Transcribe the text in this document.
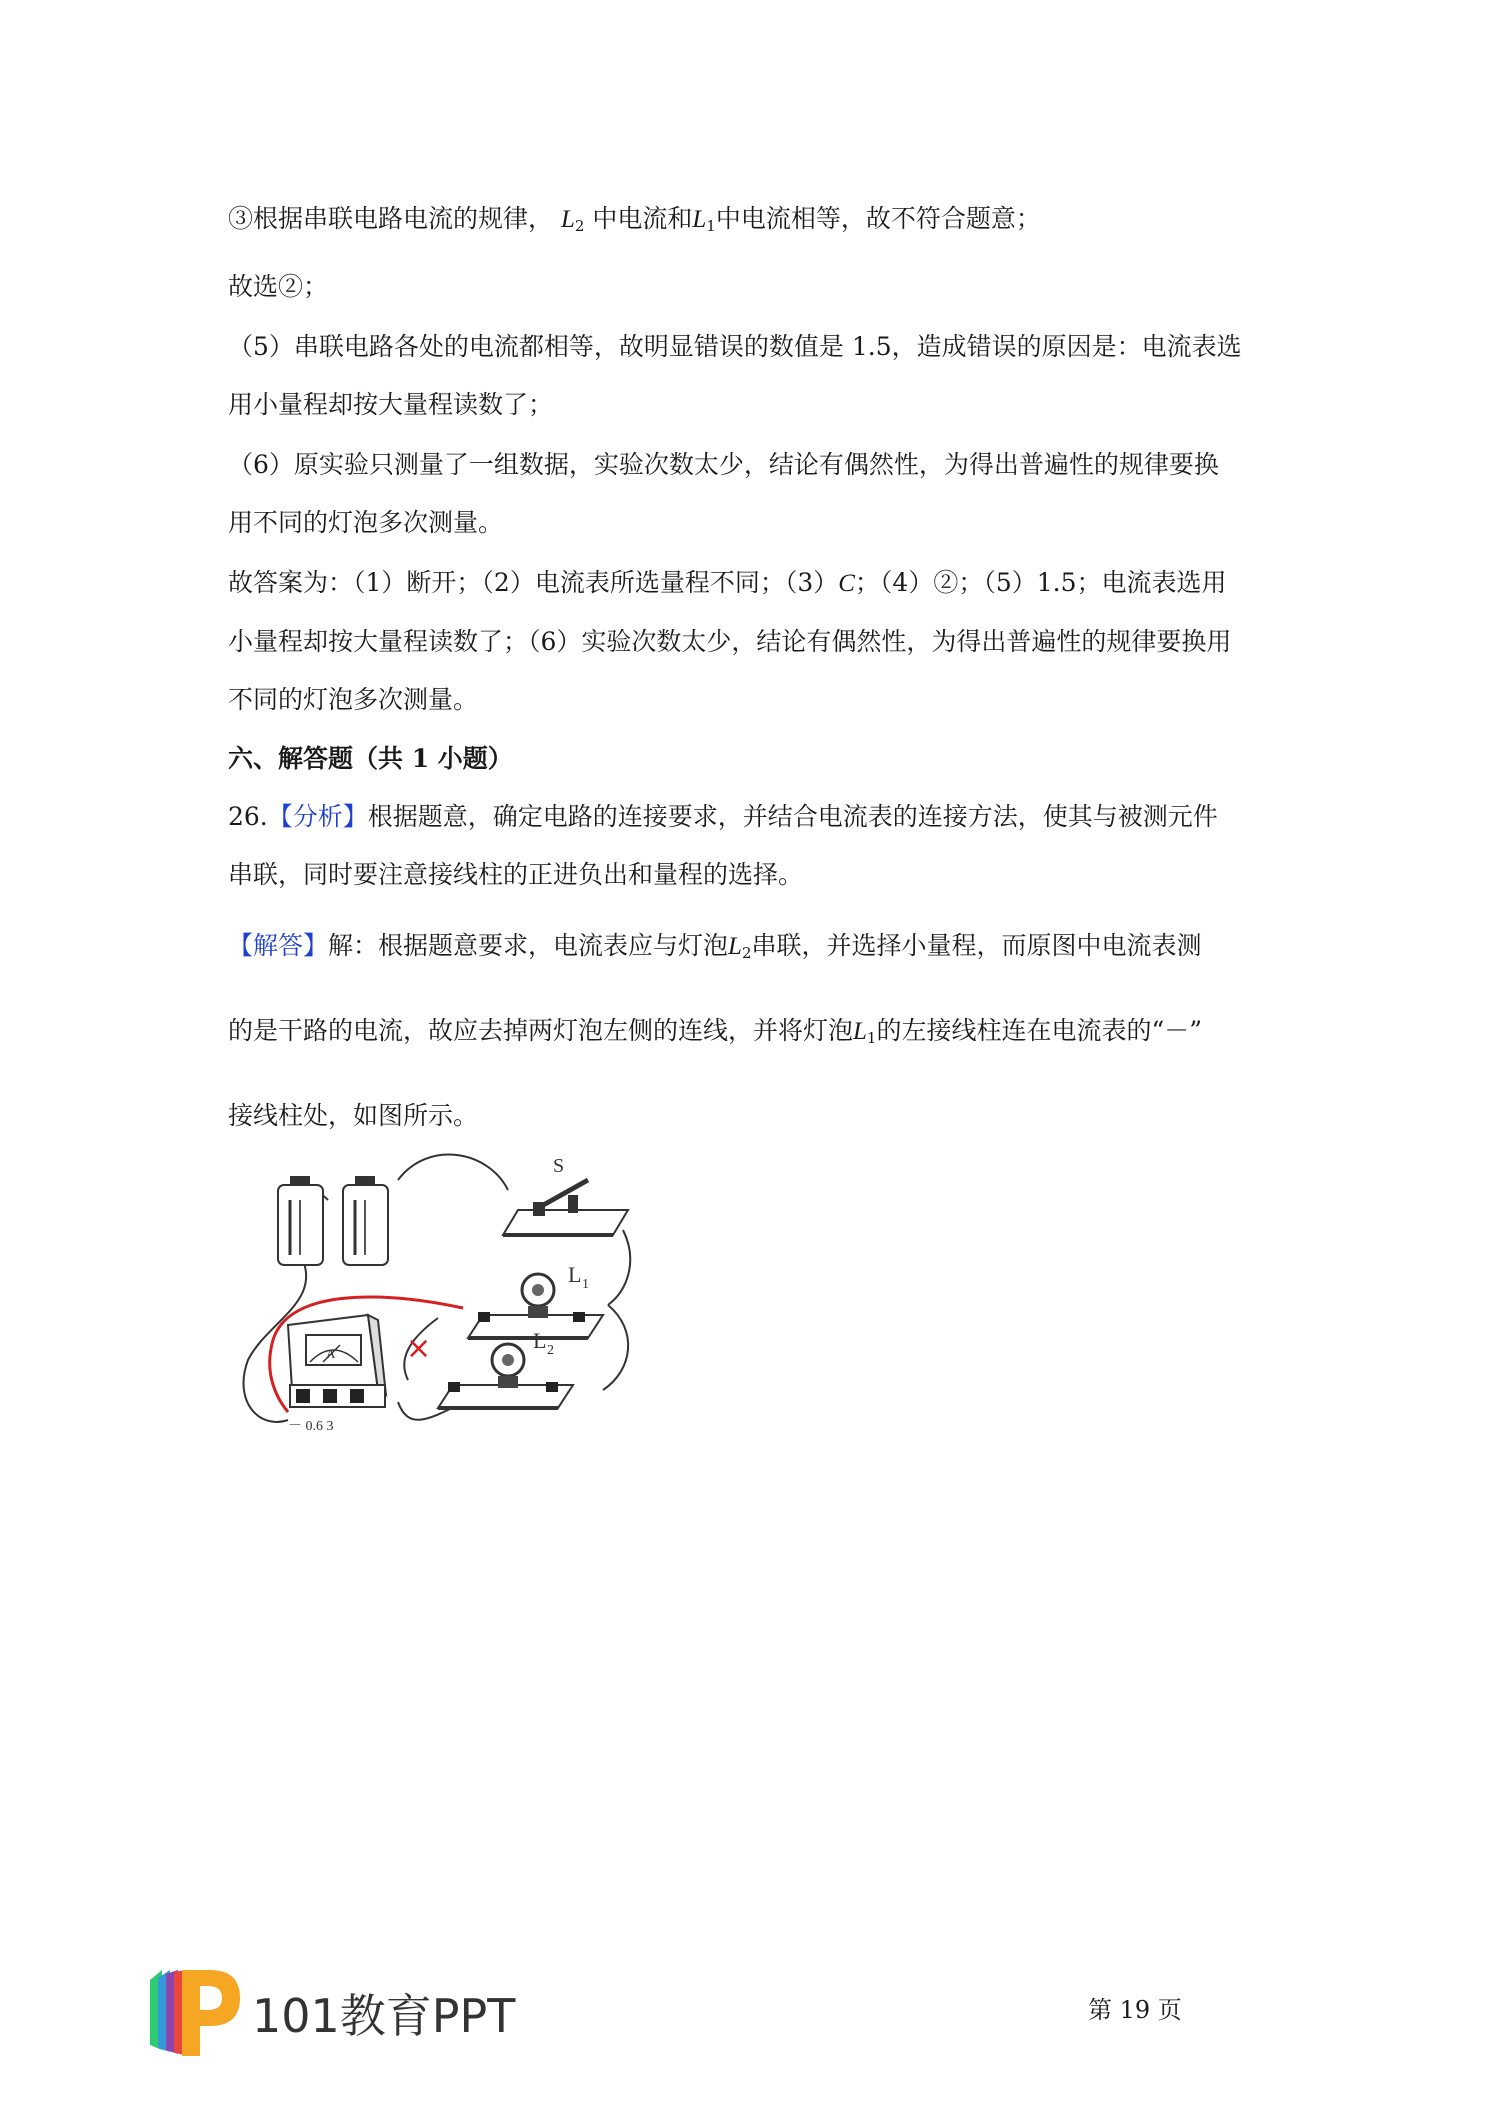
③根据串联电路电流的规律， $L_2$ 中电流和$L_1$中电流相等，故不符合题意；

故选②；

（5）串联电路各处的电流都相等，故明显错误的数值是 1.5，造成错误的原因是：电流表选
用小量程却按大量程读数了；

（6）原实验只测量了一组数据，实验次数太少，结论有偶然性，为得出普遍性的规律要换
用不同的灯泡多次测量。

故答案为：（1）断开；（2）电流表所选量程不同；（3）C；（4）②；（5）1.5；电流表选用
小量程却按大量程读数了；（6）实验次数太少，结论有偶然性，为得出普遍性的规律要换用
不同的灯泡多次测量。

六、解答题（共 1 小题）

26.【分析】根据题意，确定电路的连接要求，并结合电流表的连接方法，使其与被测元件
串联，同时要注意接线柱的正进负出和量程的选择。

【解答】解：根据题意要求，电流表应与灯泡$L_2$串联，并选择小量程，而原图中电流表测
的是干路的电流，故应去掉两灯泡左侧的连线，并将灯泡$L_1$的左接线柱连在电流表的“－”
接线柱处，如图所示。

×
S
L 1
L 2
A
－ 0.6 3
101教育PPT	第 19 页
